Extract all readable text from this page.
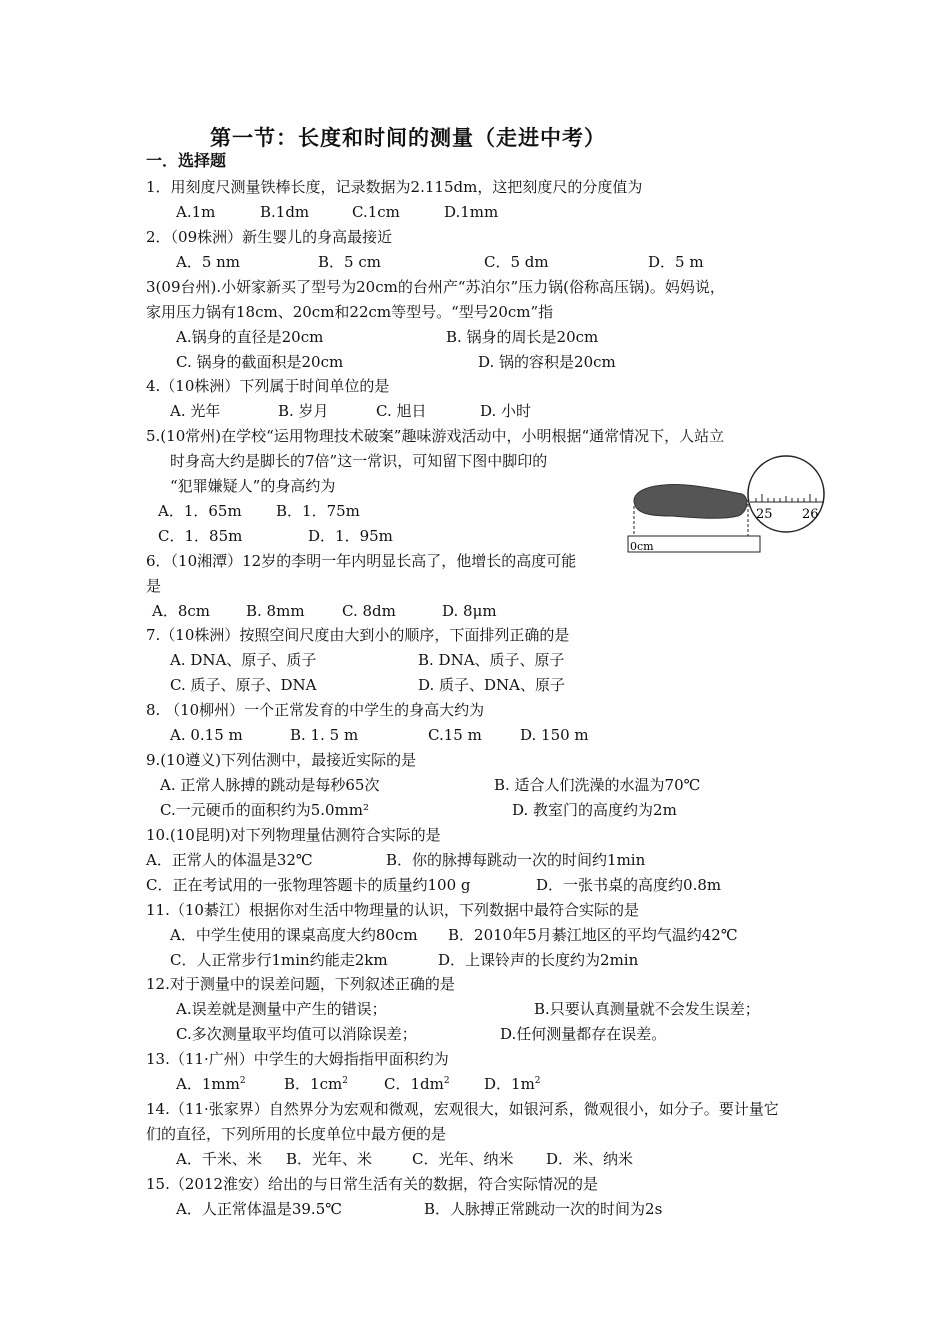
第一节：长度和时间的测量（走进中考）
一．选择题
1．用刻度尺测量铁棒长度，记录数据为2.115dm，这把刻度尺的分度值为
A.1m	B.1dm	C.1cm	D.1mm
2．（09株洲）新生婴儿的身高最接近
A．5 nm	B．5 cm	C．5 dm	D．5 m
3(09台州).小妍家新买了型号为20cm的台州产“苏泊尔”压力锅(俗称高压锅)。妈妈说，
家用压力锅有18cm、20cm和22cm等型号。“型号20cm”指
A.锅身的直径是20cm	B. 锅身的周长是20cm
C. 锅身的截面积是20cm	D. 锅的容积是20cm
4.（10株洲）下列属于时间单位的是
A. 光年	B. 岁月	C. 旭日	D. 小时
5.(10常州)在学校“运用物理技术破案”趣味游戏活动中，小明根据“通常情况下，人站立
时身高大约是脚长的7倍”这一常识，可知留下图中脚印的
“犯罪嫌疑人”的身高约为
A．1．65m B．1．75m
C．1．85m	D．1．95m
0cm
25 26
6．（10湘潭）12岁的李明一年内明显长高了，他增长的高度可能
是
A．8cm B. 8mm C. 8dm	D. 8μm
7.（10株洲）按照空间尺度由大到小的顺序，下面排列正确的是
A. DNA、原子、质子	B. DNA、质子、原子
C. 质子、原子、DNA	D. 质子、DNA、原子
8. （10柳州）一个正常发育的中学生的身高大约为
A. 0.15 m	B. 1. 5 m	C.15 m	D. 150 m
9.(10遵义)下列估测中，最接近实际的是
A. 正常人脉搏的跳动是每秒65次	B. 适合人们洗澡的水温为70℃
C.一元硬币的面积约为5.0mm²	D. 教室门的高度约为2m
10.(10昆明)对下列物理量估测符合实际的是
A．正常人的体温是32℃	B．你的脉搏每跳动一次的时间约1min
C．正在考试用的一张物理答题卡的质量约100 g	D．一张书桌的高度约0.8m
11.（10綦江）根据你对生活中物理量的认识，下列数据中最符合实际的是
A．中学生使用的课桌高度大约80cm B．2010年5月綦江地区的平均气温约42℃
C．人正常步行1min约能走2km	D．上课铃声的长度约为2min
12.对于测量中的误差问题，下列叙述正确的是
A.误差就是测量中产生的错误；	B.只要认真测量就不会发生误差；
C.多次测量取平均值可以消除误差；	D.任何测量都存在误差。
13.（11·广州）中学生的大姆指指甲面积约为
A．$1mm^2$	B．$1cm^2$ C．$1dm^2$ D．$1m^2$
14.（11·张家界）自然界分为宏观和微观，宏观很大，如银河系，微观很小，如分子。要计量它
们的直径，下列所用的长度单位中最方便的是
A．千米、米 B．光年、米	C．光年、纳米 D．米、纳米
15.（2012淮安）给出的与日常生活有关的数据，符合实际情况的是
A．人正常体温是39.5℃	B．人脉搏正常跳动一次的时间为2s
